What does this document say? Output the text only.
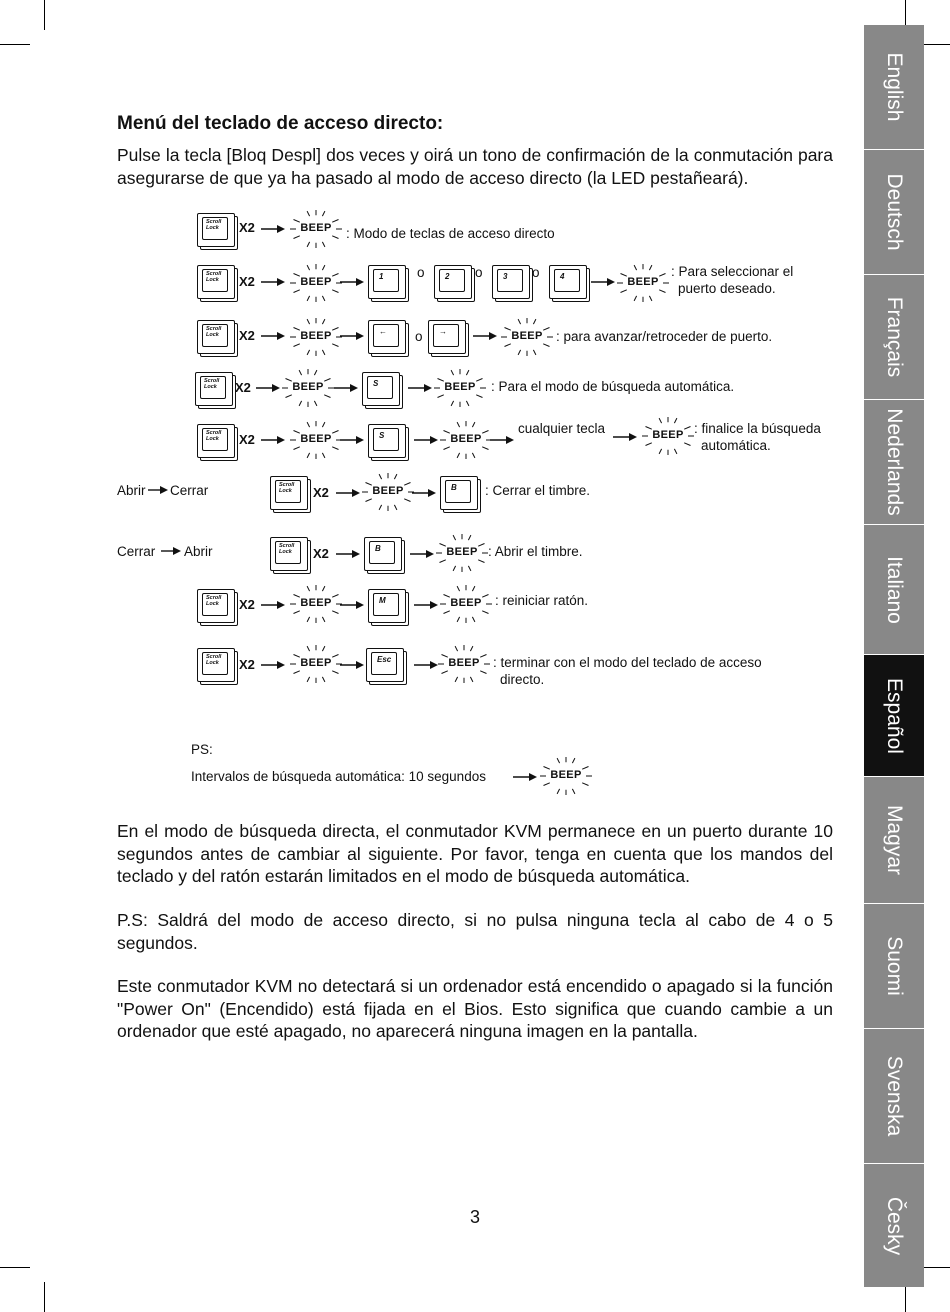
English
Deutsch
Français
Nederlands
Italiano
Español
Magyar
Suomi
Svenska
Česky
Menú del teclado de acceso directo:

Pulse la tecla [Bloq Despl] dos veces y oirá un tono de confirmación de la conmutación para asegurarse de que ya ha pasado al modo de acceso directo (la LED pestañeará).

Scroll Lock	X2	BEEP
Scroll Lock	X2	BEEP	1 o	2 o	3 o	4	BEEP
Scroll Lock	X2	BEEP	← o →	BEEP
Scroll Lock	X2	BEEP	S	BEEP
Scroll Lock	X2	BEEP	S	BEEP	BEEP
Scroll Lock	X2	BEEP	B
Scroll Lock	X2	B	BEEP
Scroll Lock	X2	BEEP	M	BEEP
Scroll Lock	X2	BEEP	Esc	BEEP
BEEP
: Modo de teclas de acceso directo
: Para seleccionar el
puerto deseado.
: para avanzar/retroceder de puerto.
: Para el modo de búsqueda automática.
cualquier tecla	: finalice la búsqueda
automática.
Abrir Cerrar	: Cerrar el timbre.
Cerrar Abrir	: Abrir el timbre.
: reiniciar ratón.
: terminar con el modo del teclado de acceso
directo.
PS:
Intervalos de búsqueda automática: 10 segundos

En el modo de búsqueda directa, el conmutador KVM permanece en un puerto durante 10 segundos antes de cambiar al siguiente. Por favor, tenga en cuenta que los mandos del teclado y del ratón estarán limitados en el modo de búsqueda automática.

P.S: Saldrá del modo de acceso directo, si no pulsa ninguna tecla al cabo de 4 o 5 segundos.

Este conmutador KVM no detectará si un ordenador está encendido o apagado si la función "Power On" (Encendido) está fijada en el Bios. Esto significa que cuando cambie a un ordenador que esté apagado, no aparecerá ninguna imagen en la pantalla.

3
